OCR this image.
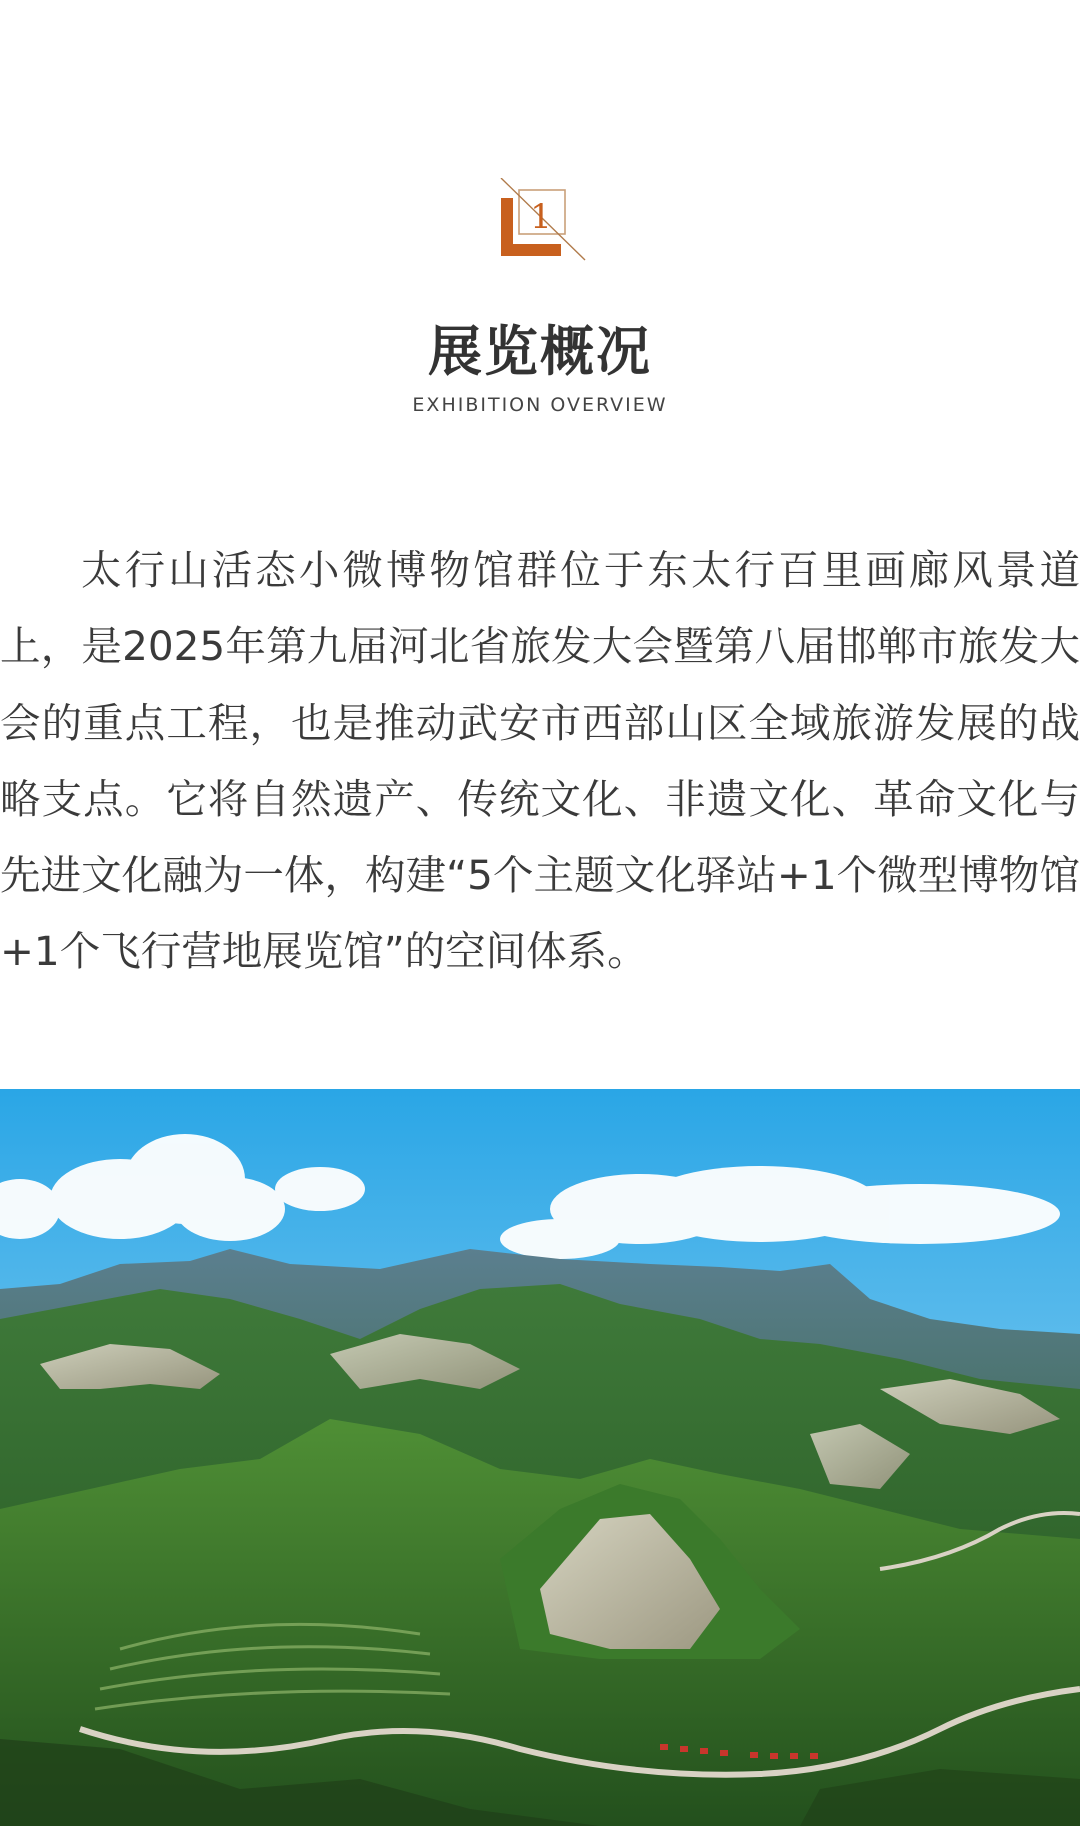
1
展览概况
EXHIBITION OVERVIEW

太行山活态小微博物馆群位于东太行百里画廊风景道上，是2025年第九届河北省旅发大会暨第八届邯郸市旅发大会的重点工程，也是推动武安市西部山区全域旅游发展的战略支点。它将自然遗产、传统文化、非遗文化、革命文化与先进文化融为一体，构建“5个主题文化驿站+1个微型博物馆+1个飞行营地展览馆”的空间体系。
